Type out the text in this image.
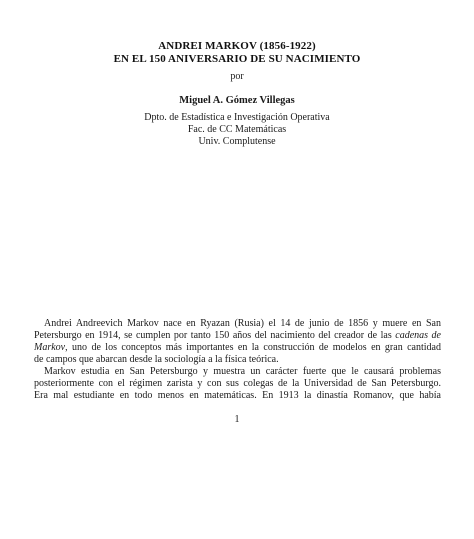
ANDREI MARKOV (1856-1922)
EN EL 150 ANIVERSARIO DE SU NACIMIENTO
por
Miguel A. Gómez Villegas
Dpto. de Estadística e Investigación Operativa
Fac. de CC Matemáticas
Univ. Complutense
Andrei Andreevich Markov nace en Ryazan (Rusia) el 14 de junio de 1856 y muere en San
Petersburgo en 1914, se cumplen por tanto 150 años del nacimiento del creador de las cadenas de
Markov, uno de los conceptos más importantes en la construcción de modelos en gran cantidad
de campos que abarcan desde la sociología a la física teórica.
Markov estudia en San Petersburgo y muestra un carácter fuerte que le causará problemas
posteriormente con el régimen zarista y con sus colegas de la Universidad de San Petersburgo.
Era mal estudiante en todo menos en matemáticas. En 1913 la dinastía Romanov, que había
1
